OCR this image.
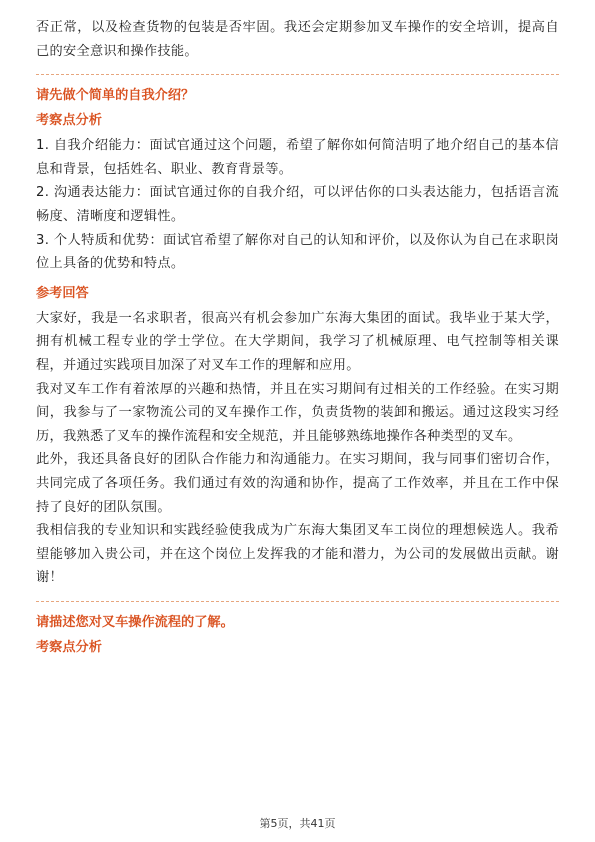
否正常，以及检查货物的包装是否牢固。我还会定期参加叉车操作的安全培训，提高自己的安全意识和操作技能。

请先做个简单的自我介绍？
考察点分析

1. 自我介绍能力：面试官通过这个问题，希望了解你如何简洁明了地介绍自己的基本信息和背景，包括姓名、职业、教育背景等。

2. 沟通表达能力：面试官通过你的自我介绍，可以评估你的口头表达能力，包括语言流畅度、清晰度和逻辑性。

3. 个人特质和优势：面试官希望了解你对自己的认知和评价，以及你认为自己在求职岗位上具备的优势和特点。

参考回答

大家好，我是一名求职者，很高兴有机会参加广东海大集团的面试。我毕业于某大学，拥有机械工程专业的学士学位。在大学期间，我学习了机械原理、电气控制等相关课程，并通过实践项目加深了对叉车工作的理解和应用。

我对叉车工作有着浓厚的兴趣和热情，并且在实习期间有过相关的工作经验。在实习期间，我参与了一家物流公司的叉车操作工作，负责货物的装卸和搬运。通过这段实习经历，我熟悉了叉车的操作流程和安全规范，并且能够熟练地操作各种类型的叉车。

此外，我还具备良好的团队合作能力和沟通能力。在实习期间，我与同事们密切合作，共同完成了各项任务。我们通过有效的沟通和协作，提高了工作效率，并且在工作中保持了良好的团队氛围。

我相信我的专业知识和实践经验使我成为广东海大集团叉车工岗位的理想候选人。我希望能够加入贵公司，并在这个岗位上发挥我的才能和潜力，为公司的发展做出贡献。谢谢！

请描述您对叉车操作流程的了解。
考察点分析
第5页，共41页
